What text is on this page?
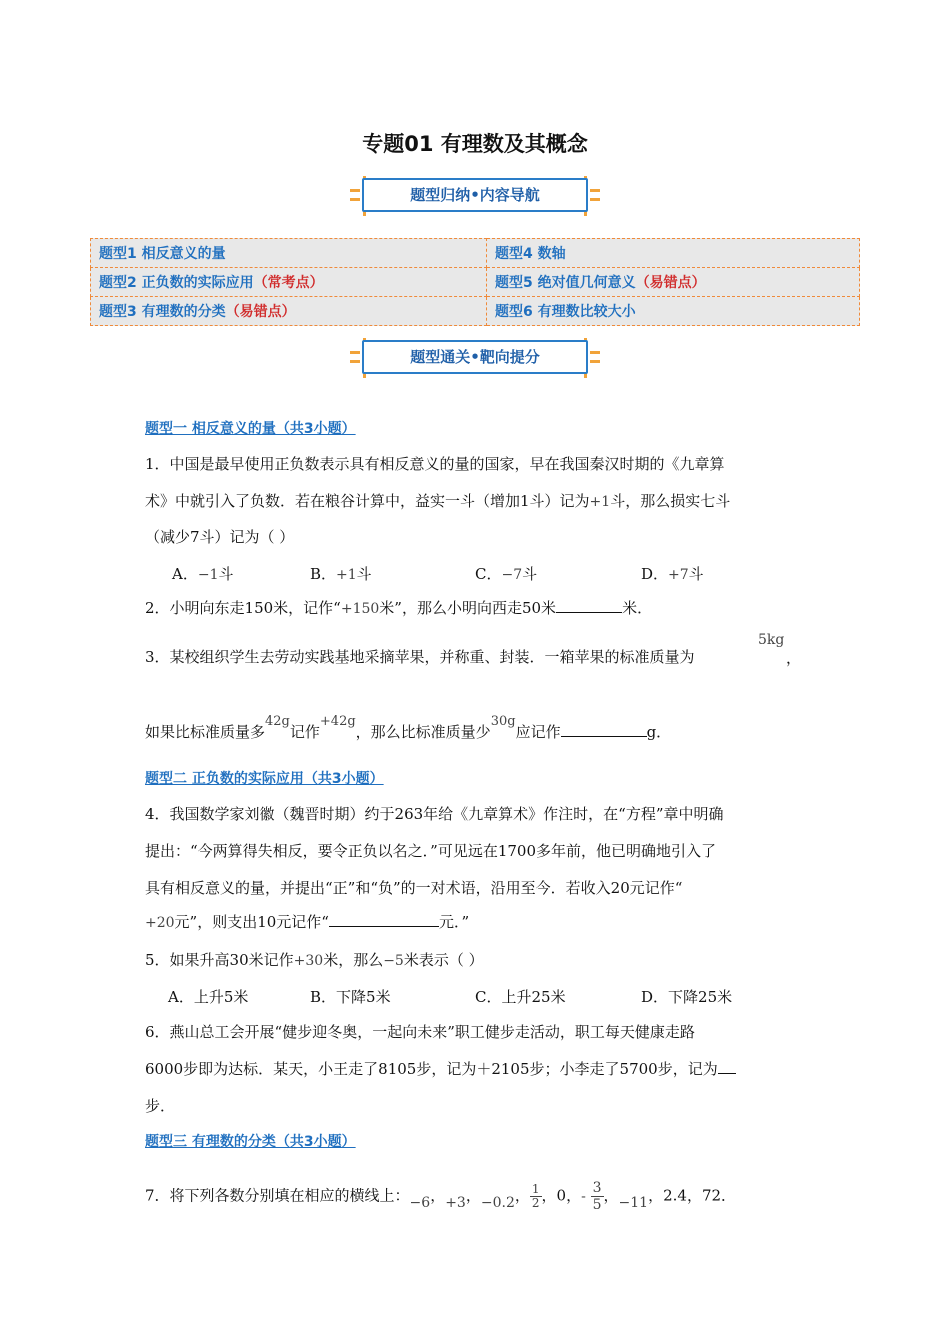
专题01 有理数及其概念
题型归纳•内容导航
题型1 相反意义的量	题型4 数轴
题型2 正负数的实际应用（常考点）	题型5 绝对值几何意义（易错点）
题型3 有理数的分类（易错点）	题型6 有理数比较大小
题型通关•靶向提分
题型一 相反意义的量（共3小题）
1．中国是最早使用正负数表示具有相反意义的量的国家，早在我国秦汉时期的《九章算
术》中就引入了负数．若在粮谷计算中，益实一斗（增加1斗）记为+1斗，那么损实七斗
（减少7斗）记为（ ）
A．−1斗	B．+1斗	C．−7斗	D．+7斗
2．小明向东走150米，记作“+150米”，那么小明向西走50米	米．
3．某校组织学生去劳动实践基地采摘苹果，并称重、封装．一箱苹果的标准质量为
5kg
，
如果比标准质量多42g记作+42g，那么比标准质量少30g应记作	g．
题型二 正负数的实际应用（共3小题）
4．我国数学家刘徽（魏晋时期）约于263年给《九章算术》作注时，在“方程”章中明确
提出：“今两算得失相反，要令正负以名之．”可见远在1700多年前，他已明确地引入了
具有相反意义的量，并提出“正”和“负”的一对术语，沿用至今．若收入20元记作“
+20元”，则支出10元记作“	元．”
5．如果升高30米记作+30米，那么−5米表示（ ）
A．上升5米	B．下降5米	C．上升25米	D．下降25米
6．燕山总工会开展“健步迎冬奥，一起向未来”职工健步走活动，职工每天健康走路
6000步即为达标．某天，小王走了8105步，记为＋2105步；小李走了5700步，记为
步．
题型三 有理数的分类（共3小题）
7．将下列各数分别填在相应的横线上：−6，+3，−0.2， $\frac{1}{2}$ ，0，- $\frac{3}{5}$ ，−11，2.4，72．
